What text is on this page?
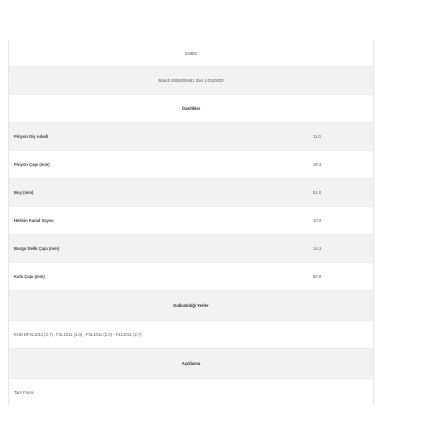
52883
Bosch 2006209461 Zen 1.0110020
Özellikler
Pinyon Diş Adedi	11.0
Pinyon Çapı (mm)	18.3
Boy (mm)	51.0
Helisin Kanal Sayısı	10.0
Burgu Delik Çapı (mm)	14.3
Kafa Çapı (mm)	60.0
Kullanıldığı Yerler
KHD BF4L1011 (2.7) , F2L1011 (1.4) - F3L1011 (2.0) - F4L1011 (2.7)
Açıklama
Tam Freze
